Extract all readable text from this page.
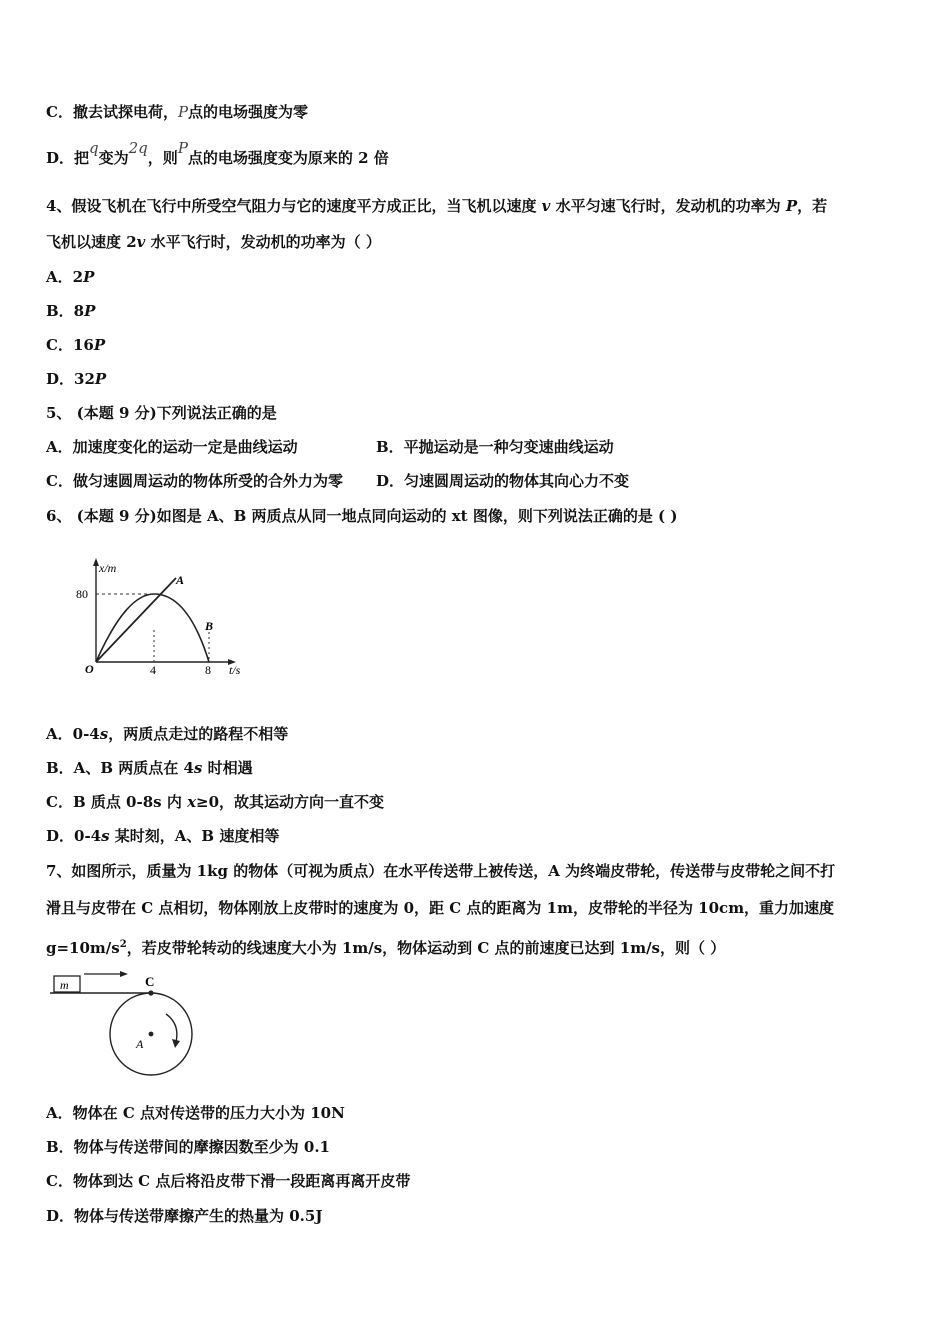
C．撤去试探电荷，P点的电场强度为零
D．把q变为2q，则P点的电场强度变为原来的 2 倍
4、假设飞机在飞行中所受空气阻力与它的速度平方成正比，当飞机以速度 v 水平匀速飞行时，发动机的功率为 P，若
飞机以速度 2v 水平飞行时，发动机的功率为（ ）
A．2P
B．8P
C．16P
D．32P
5、 (本题 9 分)下列说法正确的是
A．加速度变化的运动一定是曲线运动	B．平抛运动是一种匀变速曲线运动
C．做匀速圆周运动的物体所受的合外力为零 D．匀速圆周运动的物体其向心力不变
6、 (本题 9 分)如图是 A、B 两质点从同一地点同向运动的 xt 图像，则下列说法正确的是 ( )
x/m
80
A
B
O	4	8 t/s
A．0-4s，两质点走过的路程不相等
B．A、B 两质点在 4s 时相遇
C．B 质点 0-8s 内 x≥0，故其运动方向一直不变
D．0-4s 某时刻，A、B 速度相等
7、如图所示，质量为 1kg 的物体（可视为质点）在水平传送带上被传送，A 为终端皮带轮，传送带与皮带轮之间不打
滑且与皮带在 C 点相切，物体刚放上皮带时的速度为 0，距 C 点的距离为 1m，皮带轮的半径为 10cm，重力加速度
$g=10m/s^2$，若皮带轮转动的线速度大小为 1m/s，物体运动到 C 点的前速度已达到 1m/s，则（ ）
m	C
A
A．物体在 C 点对传送带的压力大小为 10N
B．物体与传送带间的摩擦因数至少为 0.1
C．物体到达 C 点后将沿皮带下滑一段距离再离开皮带
D．物体与传送带摩擦产生的热量为 0.5J
